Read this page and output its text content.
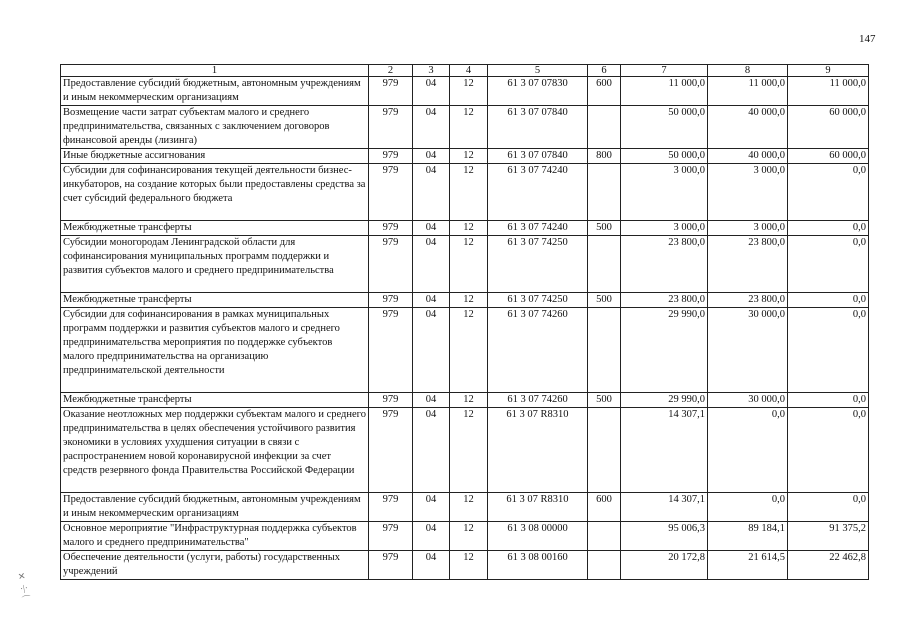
147
1	2	3	4	5	6	7	8	9
Предоставление субсидий бюджетным, автономным учреждениям и иным некоммерческим организациям	979	04	12	61 3 07 07830	600	11 000,0	11 000,0	11 000,0
Возмещение части затрат субъектам малого и среднего предпринимательства, связанных с заключением договоров финансовой аренды (лизинга)	979	04	12	61 3 07 07840		50 000,0	40 000,0	60 000,0
Иные бюджетные ассигнования	979	04	12	61 3 07 07840	800	50 000,0	40 000,0	60 000,0
Субсидии для софинансирования текущей деятельности бизнес-инкубаторов, на создание которых были предоставлены средства за счет субсидий федерального бюджета	979	04	12	61 3 07 74240		3 000,0	3 000,0	0,0
Межбюджетные трансферты	979	04	12	61 3 07 74240	500	3 000,0	3 000,0	0,0
Субсидии моногородам Ленинградской области для софинансирования муниципальных программ поддержки и развития субъектов малого и среднего предпринимательства	979	04	12	61 3 07 74250		23 800,0	23 800,0	0,0
Межбюджетные трансферты	979	04	12	61 3 07 74250	500	23 800,0	23 800,0	0,0
Субсидии для софинансирования в рамках муниципальных программ поддержки и развития субъектов малого и среднего предпринимательства мероприятия по поддержке субъектов малого предпринимательства на организацию предпринимательской деятельности	979	04	12	61 3 07 74260		29 990,0	30 000,0	0,0
Межбюджетные трансферты	979	04	12	61 3 07 74260	500	29 990,0	30 000,0	0,0
Оказание неотложных мер поддержки субъектам малого и среднего предпринимательства в целях обеспечения устойчивого развития экономики в условиях ухудшения ситуации в связи с распространением новой коронавирусной инфекции за счет средств резервного фонда Правительства Российской Федерации	979	04	12	61 3 07 R8310		14 307,1	0,0	0,0
Предоставление субсидий бюджетным, автономным учреждениям и иным некоммерческим организациям	979	04	12	61 3 07 R8310	600	14 307,1	0,0	0,0
Основное мероприятие "Инфраструктурная поддержка субъектов малого и среднего предпринимательства"	979	04	12	61 3 08 00000		95 006,3	89 184,1	91 375,2
Обеспечение деятельности (услуги, работы) государственных учреждений	979	04	12	61 3 08 00160		20 172,8	21 614,5	22 462,8
✕
·|·
⌒
